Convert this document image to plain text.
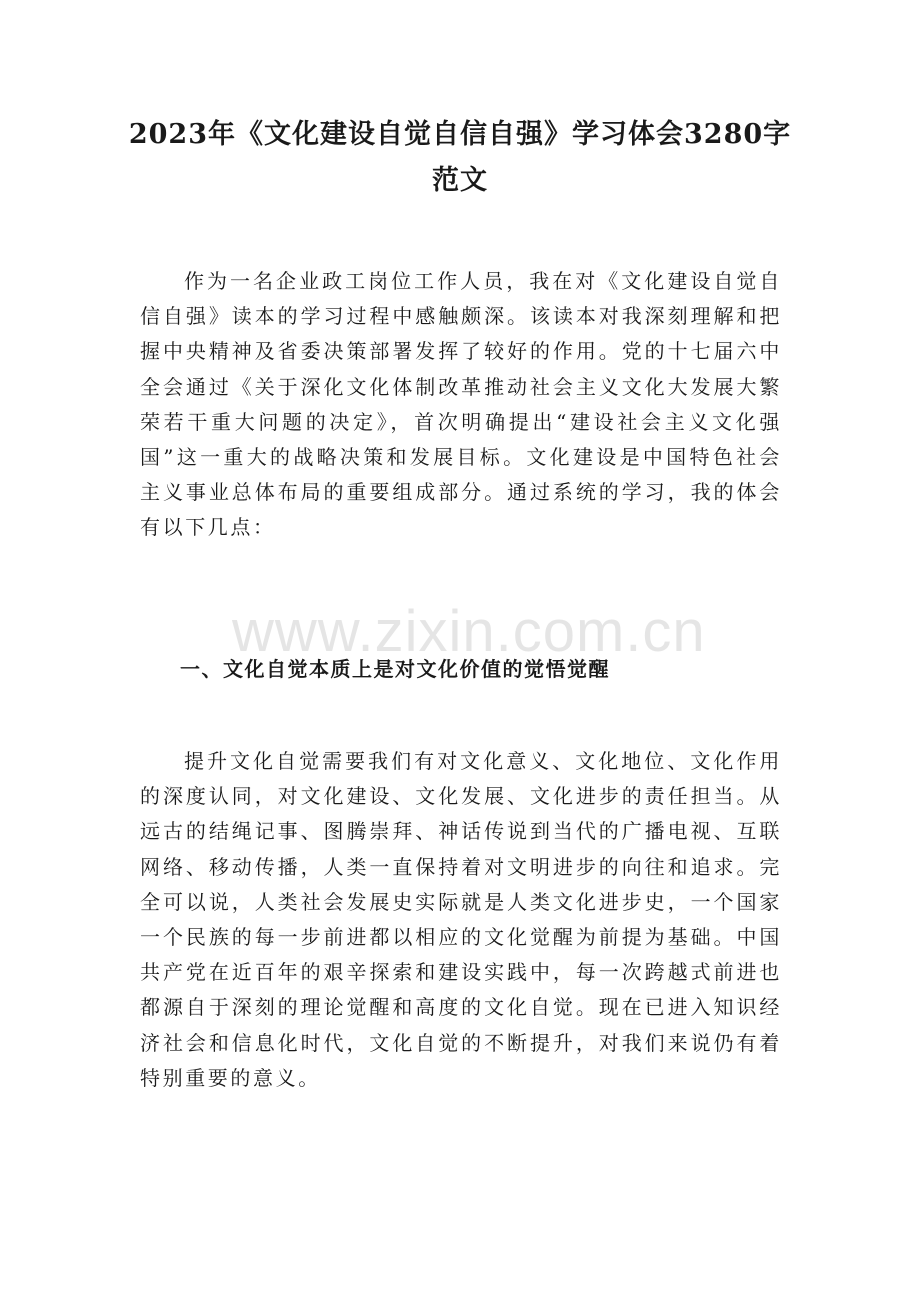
2023年《文化建设自觉自信自强》学习体会3280字范文

作为一名企业政工岗位工作人员，我在对《文化建设自觉自信自强》读本的学习过程中感触颇深。该读本对我深刻理解和把握中央精神及省委决策部署发挥了较好的作用。党的十七届六中全会通过《关于深化文化体制改革推动社会主义文化大发展大繁荣若干重大问题的决定》，首次明确提出“建设社会主义文化强国”这一重大的战略决策和发展目标。文化建设是中国特色社会主义事业总体布局的重要组成部分。通过系统的学习，我的体会有以下几点：

www.zixin.com.cn
一、文化自觉本质上是对文化价值的觉悟觉醒

提升文化自觉需要我们有对文化意义、文化地位、文化作用的深度认同，对文化建设、文化发展、文化进步的责任担当。从远古的结绳记事、图腾崇拜、神话传说到当代的广播电视、互联网络、移动传播，人类一直保持着对文明进步的向往和追求。完全可以说，人类社会发展史实际就是人类文化进步史，一个国家一个民族的每一步前进都以相应的文化觉醒为前提为基础。中国共产党在近百年的艰辛探索和建设实践中，每一次跨越式前进也都源自于深刻的理论觉醒和高度的文化自觉。现在已进入知识经济社会和信息化时代，文化自觉的不断提升，对我们来说仍有着特别重要的意义。
